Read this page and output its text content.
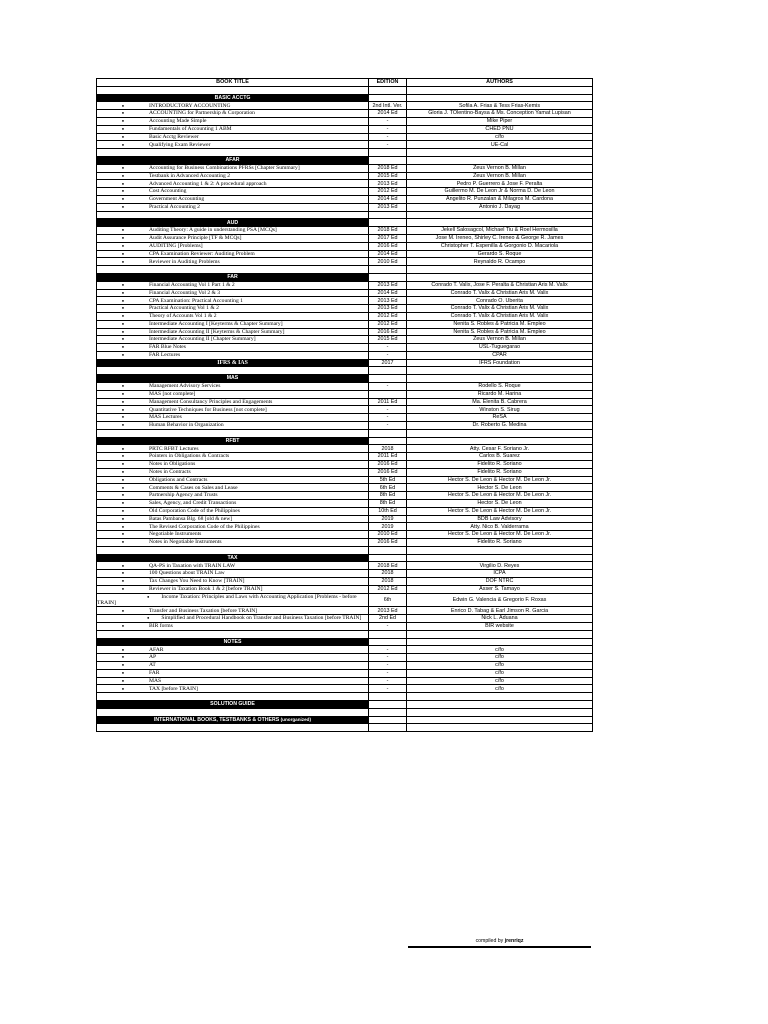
BOOK TITLE	EDITION	AUTHORS

BASIC ACCTG		
● INTRODUCTORY ACCOUNTING	2nd Intl. Ver.	Sofila A. Frias & Tess Frias-Kemis
● ACCOUNTING for Partnership & Corporation	2014 Ed	Gloria J. TOlentino-Baysa & Ms. Conception Yamat Lupisan
● Accounting Made Simple	-	Mike Piper
● Fundamentals of Accounting 1 ABM	-	CHED PNU
● Basic Acctg Reviewer	-	c/fo
● Qualifying Exam Reviewer	-	UE-Cal

AFAR		
● Accounting for Business Combinations PFRSs [Chapter Summary]	2018 Ed	Zeus Vernon B. Millan
● Testbank in Advanced Accounting 2	2015 Ed	Zeus Vernon B. Millan
● Advanced Accounting 1 & 2: A procedural approach	2013 Ed	Pedro P. Guerrero & Jose F. Peralta
● Cost Accounting	2012 Ed	Guillermo M. De Leon Jr & Norma D. De Leon
● Government Accounting	2014 Ed	Angelito R. Punzalan & Milagros M. Cardona
● Practical Accounting 2	2013 Ed	Antonio J. Dayag

AUD		
● Auditing Theory: A guide in understanding PSA [MCQs]	2018 Ed	Jekell Salosagcol, Michael Tiu & Roel Hermosilla
● Audit Assurance Principle [TF & MCQs]	2017 Ed	Jose M. Ireneo, Shirley C. Ireneo & George R. James
● AUDITING [Problems]	2016 Ed	Christopher T. Espenilla & Gorgonio D. Macariola
● CPA Examination Reviewer: Auditing Problem	2014 Ed	Gerardo S. Roque
● Reviewer in Auditing Problems	2010 Ed	Reynaldo R. Ocampo

FAR		
● Financial Accounting Vol 1 Part 1 & 2	2013 Ed	Conrado T. Valix, Jose F. Peralta & Christian Aris M. Valix
● Financial Accounting Vol 2 & 3	2014 Ed	Conrado T. Valix & Christian Aris M. Valix
● CPA Examination: Practical Accounting 1	2013 Ed	Conrado O. Uberita
● Practical Accounting Vol 1 & 2	2013 Ed	Conrado T. Valix & Christian Aris M. Valix
● Theory of Accounts Vol 1 & 2	2012 Ed	Conrado T. Valix & Christian Aris M. Valix
● Intermediate Accounting I [Keyterms & Chapter Summary]	2012 Ed	Nenita S. Robles & Patricia M. Empleo
● Intermediate Accounting II [Keyterms & Chapter Summary]	2016 Ed	Nenita S. Robles & Patricia M. Empleo
● Intermediate Accounting II [Chapter Summary]	2015 Ed	Zeus Vernon B. Millan
● FAR Blue Notes	-	USL-Tuguegarao
● FAR Lectures	-	CPAR
IFRS & IAS	2017	IFRS Foundation

MAS		
● Management Advisory Services	-	Rodello S. Roque
● MAS [not complete]		Ricardo M. Harina
● Management Consultancy Principles and Engagements	2011 Ed	Ma. Elenita B. Cabrera
● Quantitative Techniques for Business [not complete]	-	Winston S. Sirug
● MAS Lectures	-	ReSA
● Human Behavior in Organization	-	Dr. Roberto G. Medina

RFBT		
● PRTC RFBT Lectures	2018	Atty. Cesar F. Soriano Jr.
● Pointers in Obligations & Contracts	2011 Ed	Carlos B. Suarez
● Notes in Obligations	2016 Ed	Fidelito R. Soriano
● Notes in Contracts	2016 Ed	Fidelito R. Soriano
● Obligations and Contracts	5th Ed	Hector S. De Leon & Hector M. De Leon Jr.
● Comments & Cases on Sales and Lease	6th Ed	Hector S. De Leon
● Partnership Agency and Trusts	8th Ed	Hector S. De Leon & Hector M. De Leon Jr.
● Sales, Agency, and Credit Transactions	8th Ed	Hector S. De Leon
● Old Corporation Code of the Philippines	10th Ed	Hector S. De Leon & Hector M. De Leon Jr.
● Batas Pambansa Blg. 68 [old & new]	2019	BDB Law Advisory
● The Revised Corporation Code of the Philippines	2019	Atty. Nico B. Valderrama
● Negotiable Instruments	2010 Ed	Hector S. De Leon & Hector M. De Leon Jr.
● Notes in Negotiable Instruments	2016 Ed	Fidelito R. Soriano

TAX		
● QA-PS in Taxation with TRAIN LAW	2018 Ed	Virgilio D. Reyes
● 100 Questions about TRAIN Law	2018	ICPA
● Tax Changes You Need to Know [TRAIN]	2018	DOF NTRC
● Reviewer in Taxation Book 1 & 2 [before TRAIN]	2012 Ed	Asser S. Tamayo

● Income Taxation: Principles and Laws with Accounting Application [Problems - before TRAIN]	6th	Edwin G. Valencia & Gregorio F. Roxas
● Transfer and Business Taxation [before TRAIN]	2013 Ed	Enrico D. Tabag & Earl Jimson R. Garcia

● Simplified and Procedural Handbook on Transfer and Business Taxation [before TRAIN]	2nd Ed	Nick L. Aduana
● BIR forms	-	BIR website

NOTES		
● AFAR	-	c/fo
● AP	-	c/fo
● AT	-	c/fo
● FAR	-	c/fo
● MAS	-	c/fo
● TAX [before TRAIN]	-	c/fo

SOLUTION GUIDE		

INTERNATIONAL BOOKS, TESTBANKS & OTHERS (unorganized)		

compiled by jrenriqz
